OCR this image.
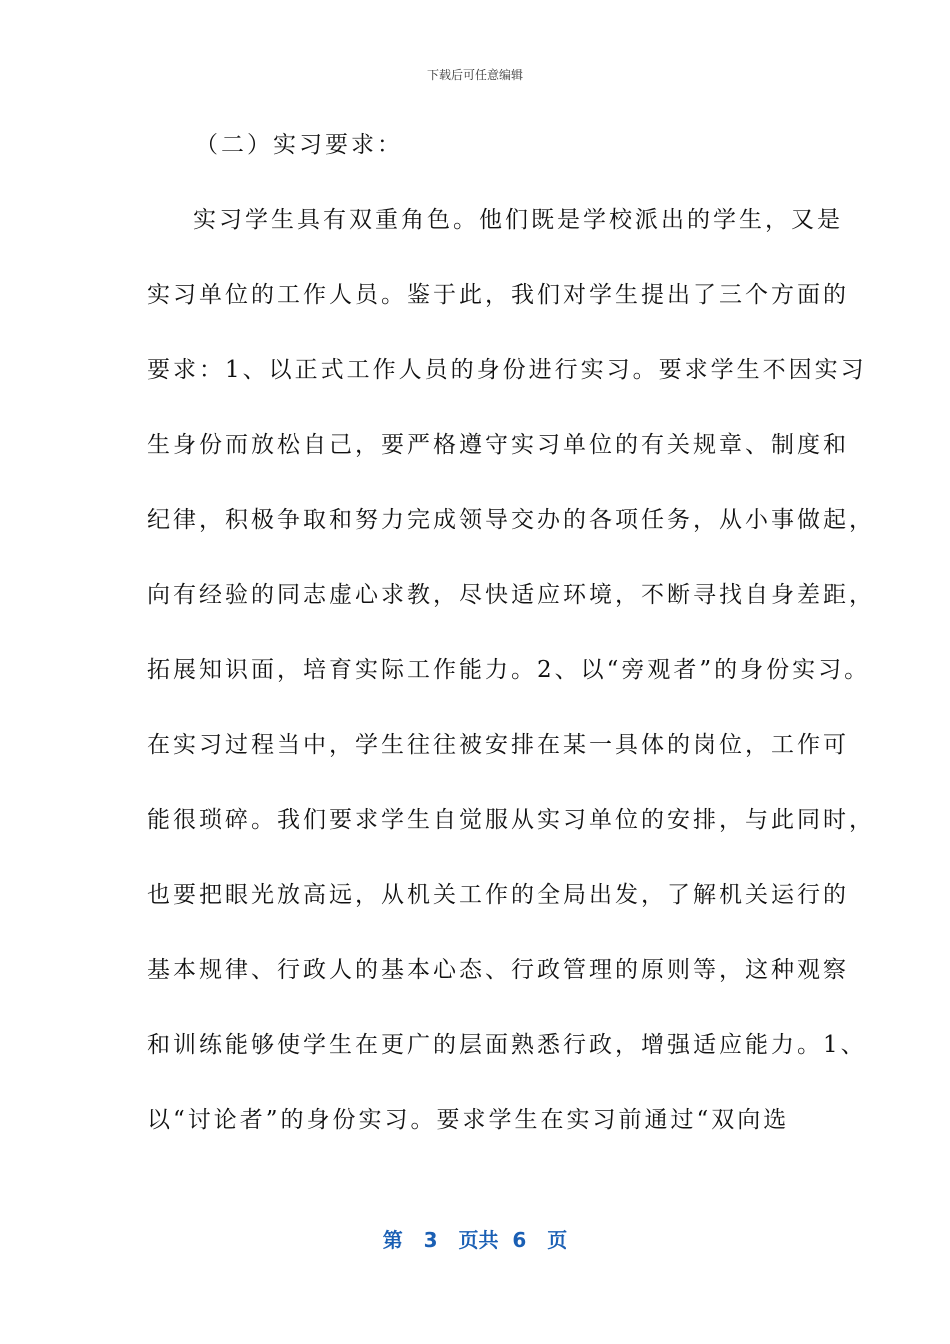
下载后可任意编辑
（二）实习要求：
实习学生具有双重角色。他们既是学校派出的学生，又是
实习单位的工作人员。鉴于此，我们对学生提出了三个方面的
要求：1、以正式工作人员的身份进行实习。要求学生不因实习
生身份而放松自己，要严格遵守实习单位的有关规章、制度和
纪律，积极争取和努力完成领导交办的各项任务，从小事做起，
向有经验的同志虚心求教，尽快适应环境，不断寻找自身差距，
拓展知识面，培育实际工作能力。2、以“旁观者”的身份实习。
在实习过程当中，学生往往被安排在某一具体的岗位，工作可
能很琐碎。我们要求学生自觉服从实习单位的安排，与此同时，
也要把眼光放高远，从机关工作的全局出发，了解机关运行的
基本规律、行政人的基本心态、行政管理的原则等，这种观察
和训练能够使学生在更广的层面熟悉行政，增强适应能力。1、
以“讨论者”的身份实习。要求学生在实习前通过“双向选
第 3 页共 6 页
